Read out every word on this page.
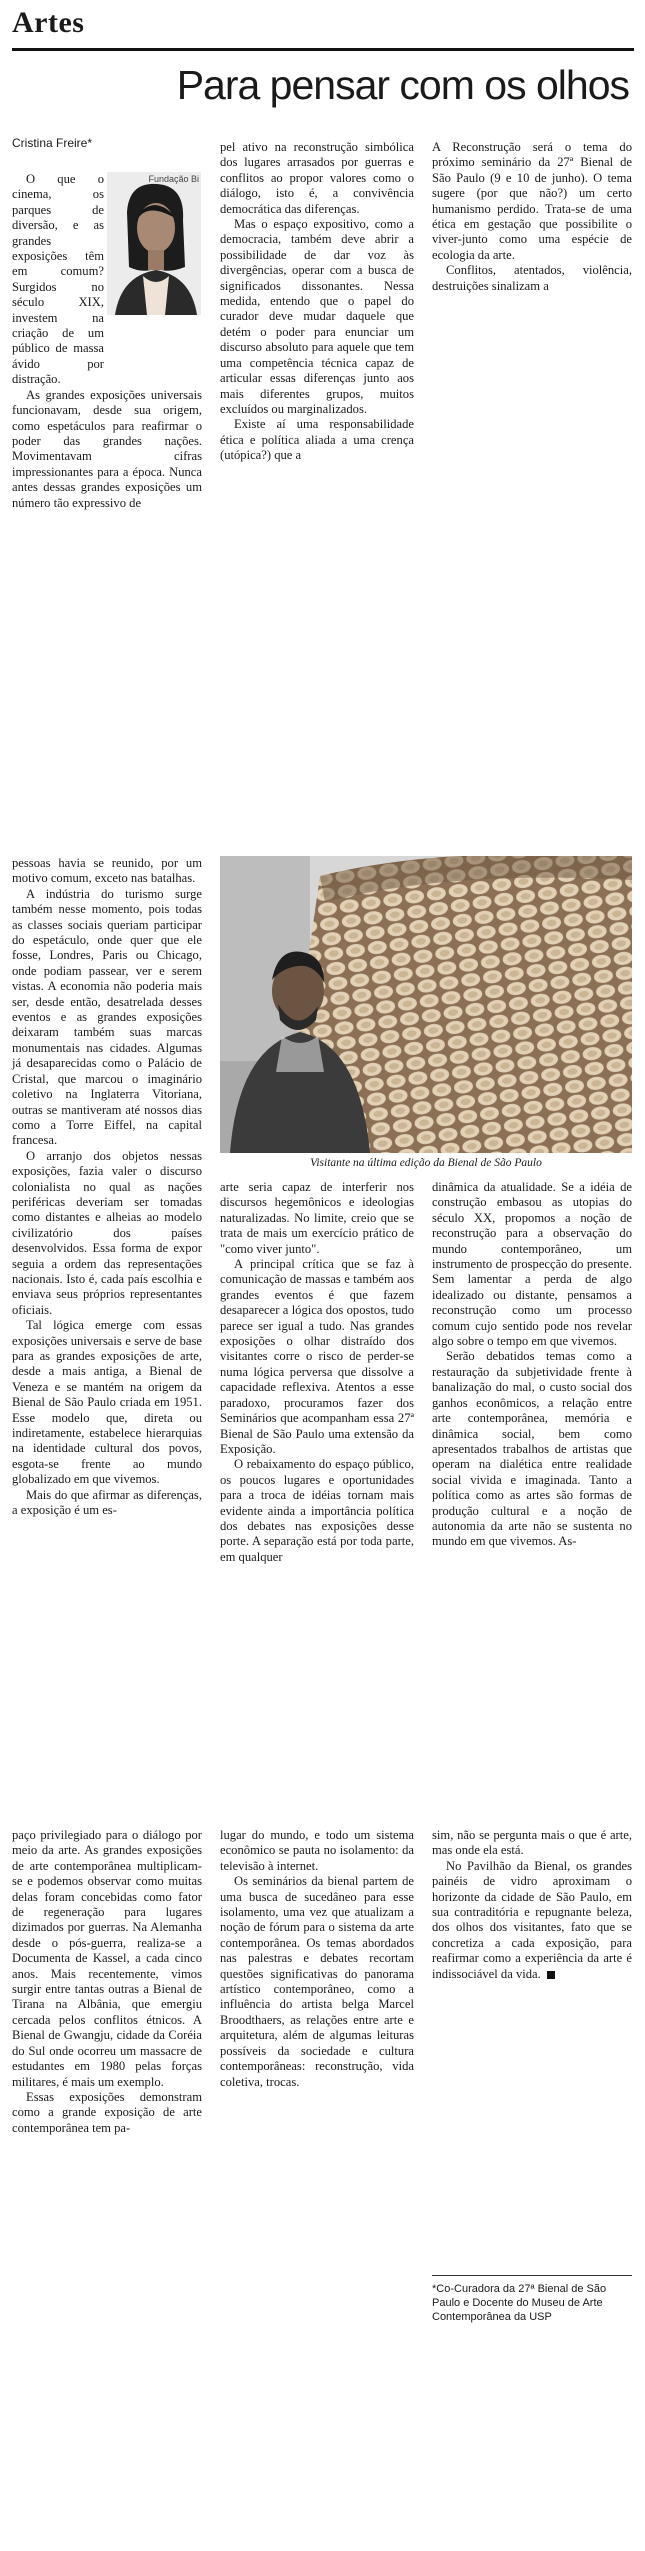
Artes
Para pensar com os olhos
Cristina Freire*
Fundação Bi
Visitante na última edição da Bienal de São Paulo

O que o cinema, os parques de diversão, e as grandes exposições têm em comum? Surgidos no século XIX, investem na criação de um público de massa ávido por distração.

As grandes exposições universais funcionavam, desde sua origem, como espetáculos para reafirmar o poder das grandes nações. Movimentavam cifras impressionantes para a época. Nunca antes dessas grandes exposições um número tão expressivo de

pel ativo na reconstrução simbólica dos lugares arrasados por guerras e conflitos ao propor valores como o diálogo, isto é, a convivência democrática das diferenças.

Mas o espaço expositivo, como a democracia, também deve abrir a possibilidade de dar voz às divergências, operar com a busca de significados dissonantes. Nessa medida, entendo que o papel do curador deve mudar daquele que detém o poder para enunciar um discurso absoluto para aquele que tem uma competência técnica capaz de articular essas diferenças junto aos mais diferentes grupos, muitos excluídos ou marginalizados.

Existe aí uma responsabilidade ética e política aliada a uma crença (utópica?) que a

A Reconstrução será o tema do próximo seminário da 27ª Bienal de São Paulo (9 e 10 de junho). O tema sugere (por que não?) um certo humanismo perdido. Trata-se de uma ética em gestação que possibilite o viver-junto como uma espécie de ecologia da arte.

Conflitos, atentados, violência, destruições sinalizam a

pessoas havia se reunido, por um motivo comum, exceto nas batalhas.

A indústria do turismo surge também nesse momento, pois todas as classes sociais queriam participar do espetáculo, onde quer que ele fosse, Londres, Paris ou Chicago, onde podiam passear, ver e serem vistas. A economia não poderia mais ser, desde então, desatrelada desses eventos e as grandes exposições deixaram também suas marcas monumentais nas cidades. Algumas já desaparecidas como o Palácio de Cristal, que marcou o imaginário coletivo na Inglaterra Vitoriana, outras se mantiveram até nossos dias como a Torre Eiffel, na capital francesa.

O arranjo dos objetos nessas exposições, fazia valer o discurso colonialista no qual as nações periféricas deveriam ser tomadas como distantes e alheias ao modelo civilizatório dos países desenvolvidos. Essa forma de expor seguia a ordem das representações nacionais. Isto é, cada país escolhia e enviava seus próprios representantes oficiais.

Tal lógica emerge com essas exposições universais e serve de base para as grandes exposições de arte, desde a mais antiga, a Bienal de Veneza e se mantém na origem da Bienal de São Paulo criada em 1951. Esse modelo que, direta ou indiretamente, estabelece hierarquias na identidade cultural dos povos, esgota-se frente ao mundo globalizado em que vivemos.

Mais do que afirmar as diferenças, a exposição é um es-

arte seria capaz de interferir nos discursos hegemônicos e ideologias naturalizadas. No limite, creio que se trata de mais um exercício prático de "como viver junto".

A principal crítica que se faz à comunicação de massas e também aos grandes eventos é que fazem desaparecer a lógica dos opostos, tudo parece ser igual a tudo. Nas grandes exposições o olhar distraído dos visitantes corre o risco de perder-se numa lógica perversa que dissolve a capacidade reflexiva. Atentos a esse paradoxo, procuramos fazer dos Seminários que acompanham essa 27ª Bienal de São Paulo uma extensão da Exposição.

O rebaixamento do espaço público, os poucos lugares e oportunidades para a troca de idéias tornam mais evidente ainda a importância política dos debates nas exposições desse porte. A separação está por toda parte, em qualquer

dinâmica da atualidade. Se a idéia de construção embasou as utopias do século XX, propomos a noção de reconstrução para a observação do mundo contemporâneo, um instrumento de prospecção do presente. Sem lamentar a perda de algo idealizado ou distante, pensamos a reconstrução como um processo comum cujo sentido pode nos revelar algo sobre o tempo em que vivemos.

Serão debatidos temas como a restauração da subjetividade frente à banalização do mal, o custo social dos ganhos econômicos, a relação entre arte contemporânea, memória e dinâmica social, bem como apresentados trabalhos de artistas que operam na dialética entre realidade social vivida e imaginada. Tanto a política como as artes são formas de produção cultural e a noção de autonomia da arte não se sustenta no mundo em que vivemos. As-

paço privilegiado para o diálogo por meio da arte. As grandes exposições de arte contemporânea multiplicam-se e podemos observar como muitas delas foram concebidas como fator de regeneração para lugares dizimados por guerras. Na Alemanha desde o pós-guerra, realiza-se a Documenta de Kassel, a cada cinco anos. Mais recentemente, vimos surgir entre tantas outras a Bienal de Tirana na Albânia, que emergiu cercada pelos conflitos étnicos. A Bienal de Gwangju, cidade da Coréia do Sul onde ocorreu um massacre de estudantes em 1980 pelas forças militares, é mais um exemplo.

Essas exposições demonstram como a grande exposição de arte contemporânea tem pa-

lugar do mundo, e todo um sistema econômico se pauta no isolamento: da televisão à internet.

Os seminários da bienal partem de uma busca de sucedâneo para esse isolamento, uma vez que atualizam a noção de fórum para o sistema da arte contemporânea. Os temas abordados nas palestras e debates recortam questões significativas do panorama artístico contemporâneo, como a influência do artista belga Marcel Broodthaers, as relações entre arte e arquitetura, além de algumas leituras possíveis da sociedade e cultura contemporâneas: reconstrução, vida coletiva, trocas.

sim, não se pergunta mais o que é arte, mas onde ela está.

No Pavilhão da Bienal, os grandes painéis de vidro aproximam o horizonte da cidade de São Paulo, em sua contraditória e repugnante beleza, dos olhos dos visitantes, fato que se concretiza a cada exposição, para reafirmar como a experiência da arte é indissociável da vida.

*Co-Curadora da 27ª Bienal de São Paulo e Docente do Museu de Arte Contemporânea da USP
